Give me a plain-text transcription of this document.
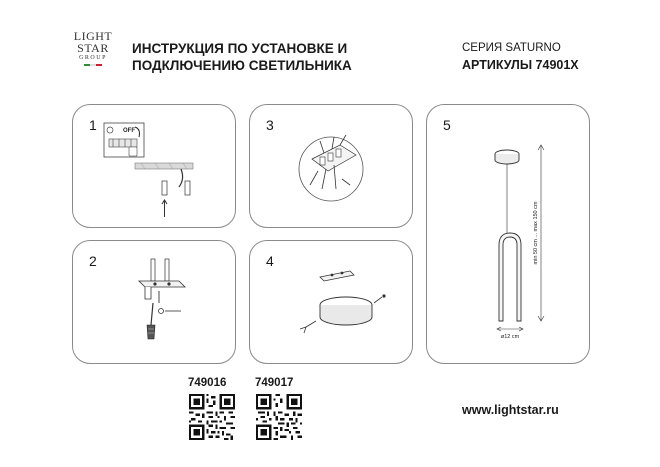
LIGHT
STAR
GROUP
ИНСТРУКЦИЯ ПО УСТАНОВКЕ И
ПОДКЛЮЧЕНИЮ СВЕТИЛЬНИКА
СЕРИЯ SATURNO
АРТИКУЛЫ 74901X
1	OFF
2
3
4
5
min 50 cm ... max 150 cm
ø12 cm
749016 749017
www.lightstar.ru
